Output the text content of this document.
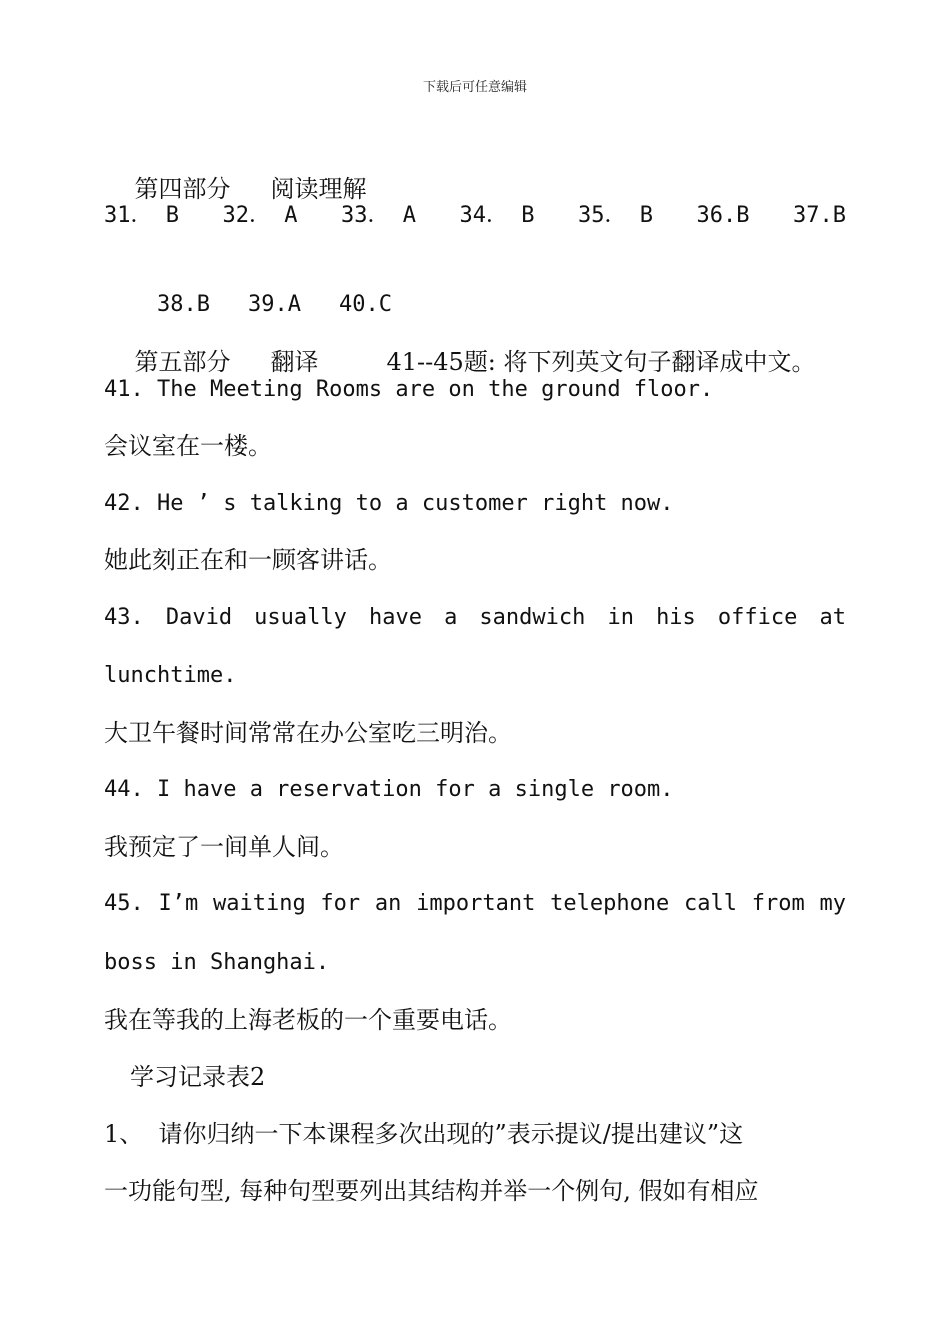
下载后可任意编辑

第四部分 阅读理解

31． B 32． A 33． A 34． B 35． B 36.B 37.B

38.B 39.A 40.C

第五部分 翻译	41--45题: 将下列英文句子翻译成中文。

41. The Meeting Rooms are on the ground floor.
会议室在一楼。
42. He ’ s talking to a customer right now.
她此刻正在和一顾客讲话。
43. David usually have a sandwich in his office at
lunchtime.
大卫午餐时间常常在办公室吃三明治。
44. I have a reservation for a single room.
我预定了一间单人间。
45. I’m waiting for an important telephone call from my
boss in Shanghai.
我在等我的上海老板的一个重要电话。
学习记录表2
1、  请你归纳一下本课程多次出现的”表示提议/提出建议”这
一功能句型, 每种句型要列出其结构并举一个例句, 假如有相应
